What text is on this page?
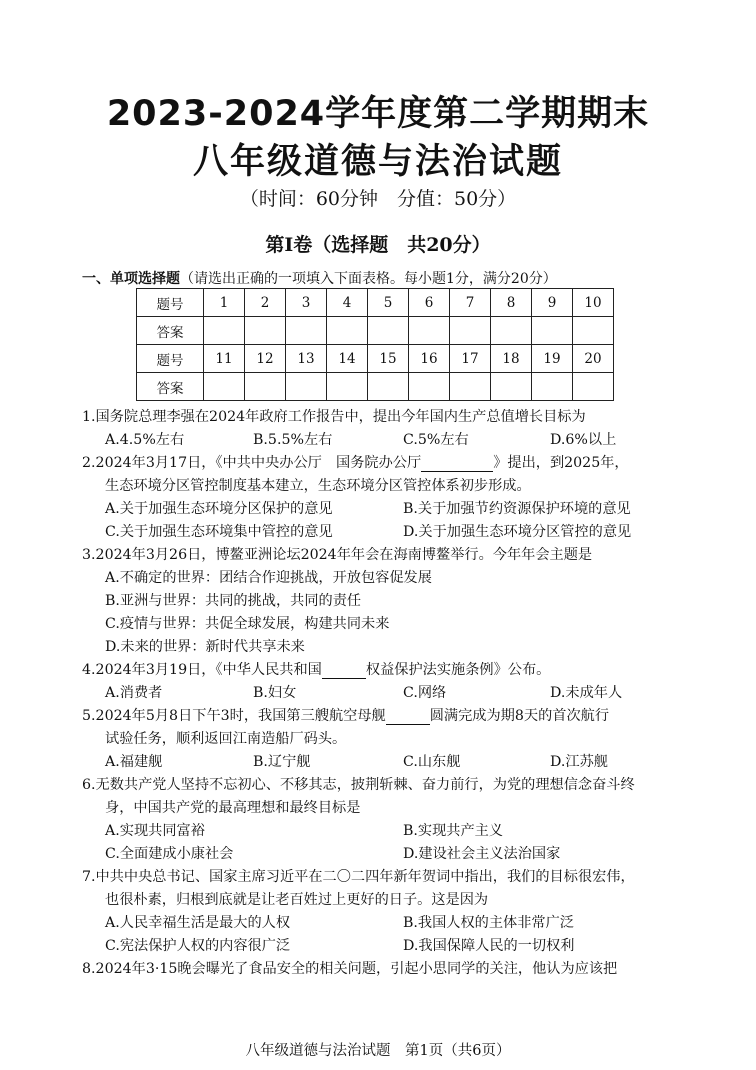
2023-2024学年度第二学期期末
八年级道德与法治试题
（时间：60分钟　分值：50分）
第Ⅰ卷（选择题　共20分）
一、单项选择题（请选出正确的一项填入下面表格。每小题1分，满分20分）
题号	1	2	3	4	5	6	7	8	9	10
答案										
题号	11	12	13	14	15	16	17	18	19	20
答案										
1.国务院总理李强在2024年政府工作报告中，提出今年国内生产总值增长目标为
A.4.5%左右	B.5.5%左右	C.5%左右	D.6%以上
2.2024年3月17日，《中共中央办公厅　国务院办公厅	》提出，到2025年，
生态环境分区管控制度基本建立，生态环境分区管控体系初步形成。
A.关于加强生态环境分区保护的意见	B.关于加强节约资源保护环境的意见
C.关于加强生态环境集中管控的意见	D.关于加强生态环境分区管控的意见
3.2024年3月26日，博鳌亚洲论坛2024年年会在海南博鳌举行。今年年会主题是
A.不确定的世界：团结合作迎挑战，开放包容促发展
B.亚洲与世界：共同的挑战，共同的责任
C.疫情与世界：共促全球发展，构建共同未来
D.未来的世界：新时代共享未来
4.2024年3月19日，《中华人民共和国	权益保护法实施条例》公布。
A.消费者	B.妇女	C.网络	D.未成年人
5.2024年5月8日下午3时，我国第三艘航空母舰	圆满完成为期8天的首次航行
试验任务，顺利返回江南造船厂码头。
A.福建舰	B.辽宁舰	C.山东舰	D.江苏舰
6.无数共产党人坚持不忘初心、不移其志，披荆斩棘、奋力前行，为党的理想信念奋斗终
身，中国共产党的最高理想和最终目标是
A.实现共同富裕	B.实现共产主义
C.全面建成小康社会	D.建设社会主义法治国家
7.中共中央总书记、国家主席习近平在二〇二四年新年贺词中指出，我们的目标很宏伟，
也很朴素，归根到底就是让老百姓过上更好的日子。这是因为
A.人民幸福生活是最大的人权	B.我国人权的主体非常广泛
C.宪法保护人权的内容很广泛	D.我国保障人民的一切权利
8.2024年3·15晚会曝光了食品安全的相关问题，引起小思同学的关注，他认为应该把
八年级道德与法治试题　第1页（共6页）
